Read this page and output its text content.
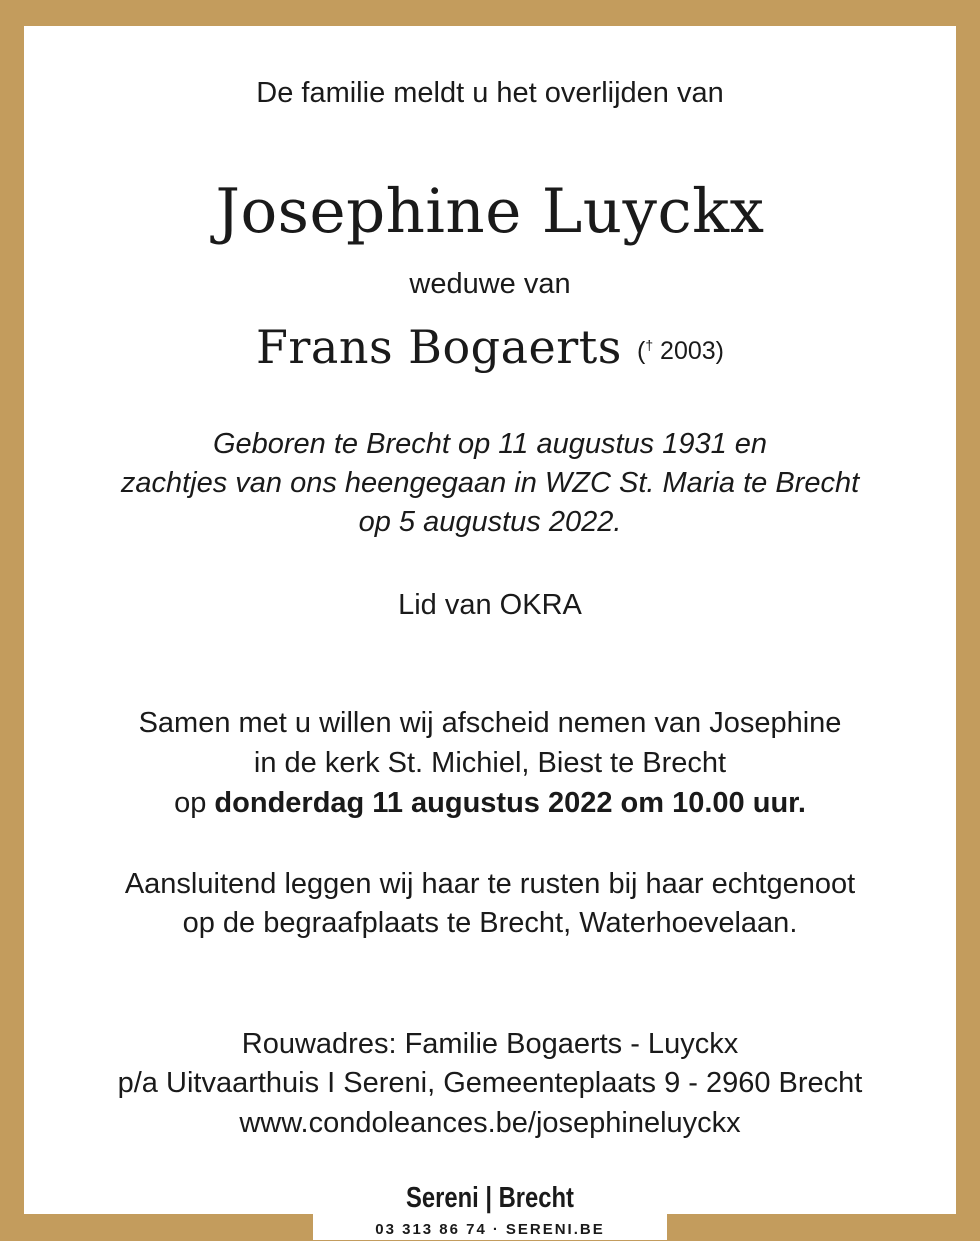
De familie meldt u het overlijden van
Josephine Luyckx
weduwe van
Frans Bogaerts († 2003)
Geboren te Brecht op 11 augustus 1931 en
zachtjes van ons heengegaan in WZC St. Maria te Brecht
op 5 augustus 2022.
Lid van OKRA
Samen met u willen wij afscheid nemen van Josephine
in de kerk St. Michiel, Biest te Brecht
op donderdag 11 augustus 2022 om 10.00 uur.
Aansluitend leggen wij haar te rusten bij haar echtgenoot
op de begraafplaats te Brecht, Waterhoevelaan.
Rouwadres: Familie Bogaerts - Luyckx
p/a Uitvaarthuis I Sereni, Gemeenteplaats 9 - 2960 Brecht
www.condoleances.be/josephineluyckx
Sereni | Brecht
03 313 86 74 · SERENI.BE
